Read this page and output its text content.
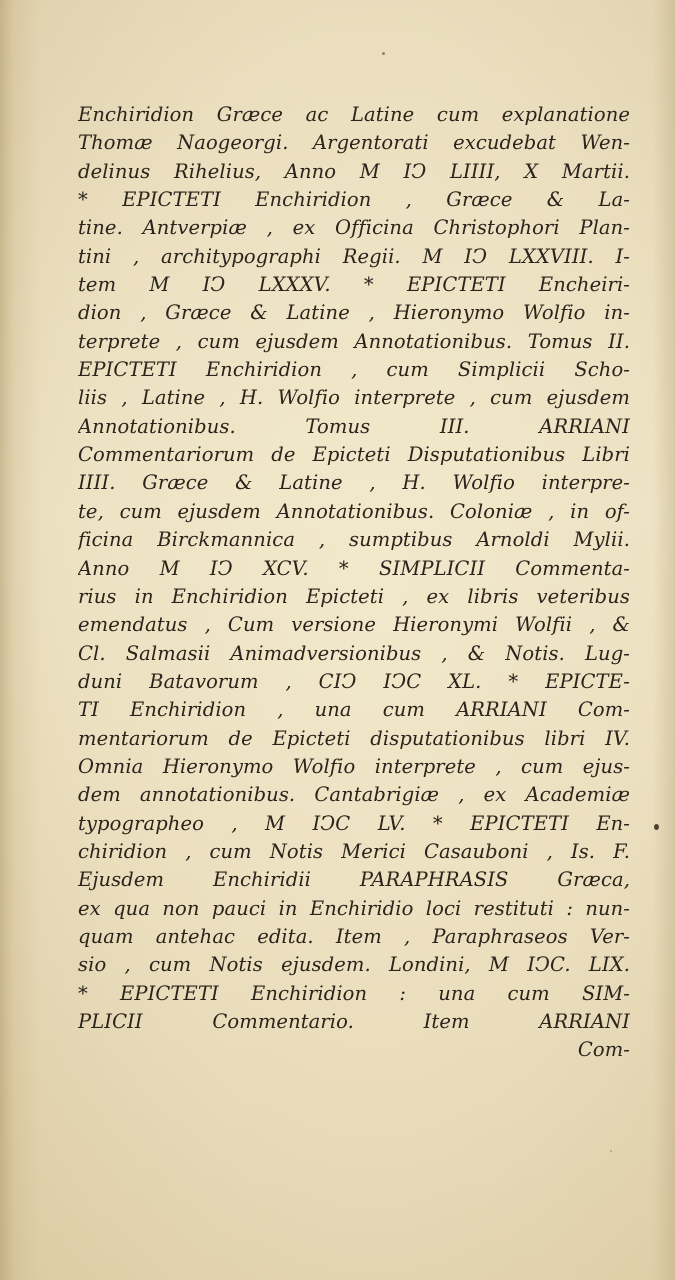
Enchiridion Græce ac Latine cum explanatione
Thomæ Naogeorgi. Argentorati excudebat Wen-
delinus Rihelius, Anno M IↃ LIIII, X Martii.
* EPICTETI Enchiridion , Græce & La-
tine. Antverpiæ , ex Officina Christophori Plan-
tini , architypographi Regii. M IↃ LXXVIII. I-
tem M IↃ LXXXV. * EPICTETI Encheiri-
dion , Græce & Latine , Hieronymo Wolfio in-
terprete , cum ejusdem Annotationibus. Tomus II.
EPICTETI Enchiridion , cum Simplicii Scho-
liis , Latine , H. Wolfio interprete , cum ejusdem
Annotationibus. Tomus III. ARRIANI
Commentariorum de Epicteti Disputationibus Libri
IIII. Græce & Latine , H. Wolfio interpre-
te, cum ejusdem Annotationibus. Coloniæ , in of-
ficina Birckmannica , sumptibus Arnoldi Mylii.
Anno M IↃ XCV. * SIMPLICII Commenta-
rius in Enchiridion Epicteti , ex libris veteribus
emendatus , Cum versione Hieronymi Wolfii , &
Cl. Salmasii Animadversionibus , & Notis. Lug-
duni Batavorum , CIↃ IↃC XL. * EPICTE-
TI Enchiridion , una cum ARRIANI Com-
mentariorum de Epicteti disputationibus libri IV.
Omnia Hieronymo Wolfio interprete , cum ejus-
dem annotationibus. Cantabrigiæ , ex Academiæ
typographeo , M IↃC LV. * EPICTETI En-
chiridion , cum Notis Merici Casauboni , Is. F.
Ejusdem Enchiridii PARAPHRASIS Græca,
ex qua non pauci in Enchiridio loci restituti : nun-
quam antehac edita. Item , Paraphraseos Ver-
sio , cum Notis ejusdem. Londini, M IↃC. LIX.
* EPICTETI Enchiridion : una cum SIM-
PLICII Commentario. Item ARRIANI
Com-
